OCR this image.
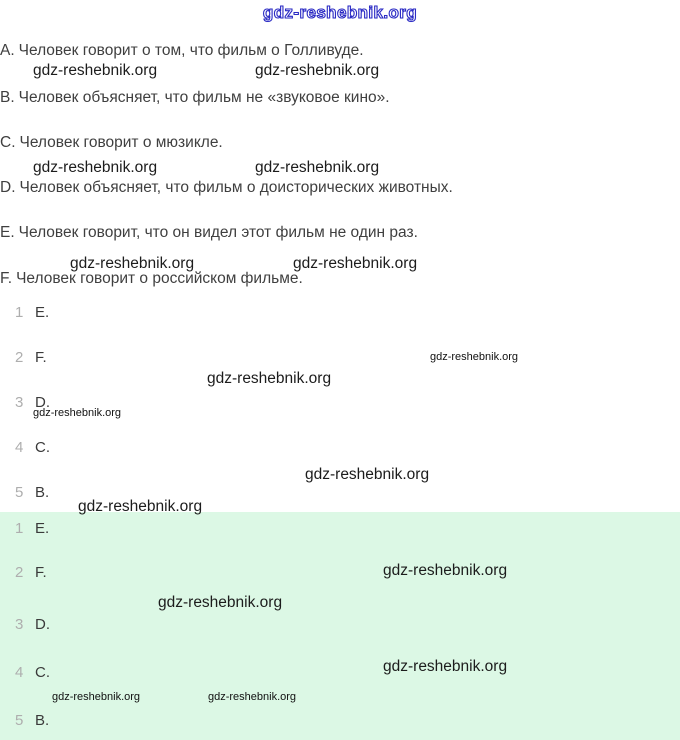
gdz-reshebnik.org
A. Человек говорит о том, что фильм о Голливуде.
gdz-reshebnik.org	gdz-reshebnik.org
B. Человек объясняет, что фильм не «звуковое кино».
C. Человек говорит о мюзикле.
gdz-reshebnik.org	gdz-reshebnik.org
D. Человек объясняет, что фильм о доисторических животных.
E. Человек говорит, что он видел этот фильм не один раз.
gdz-reshebnik.org	gdz-reshebnik.org
F. Человек говорит о российском фильме.
1 E.
2 F.	gdz-reshebnik.org
gdz-reshebnik.org
3 D.
gdz-reshebnik.org
4 C.
gdz-reshebnik.org
5 B.
gdz-reshebnik.org
1 E.
2 F.	gdz-reshebnik.org
gdz-reshebnik.org
3 D.
4 C.	gdz-reshebnik.org
gdz-reshebnik.org	gdz-reshebnik.org
5 B.
